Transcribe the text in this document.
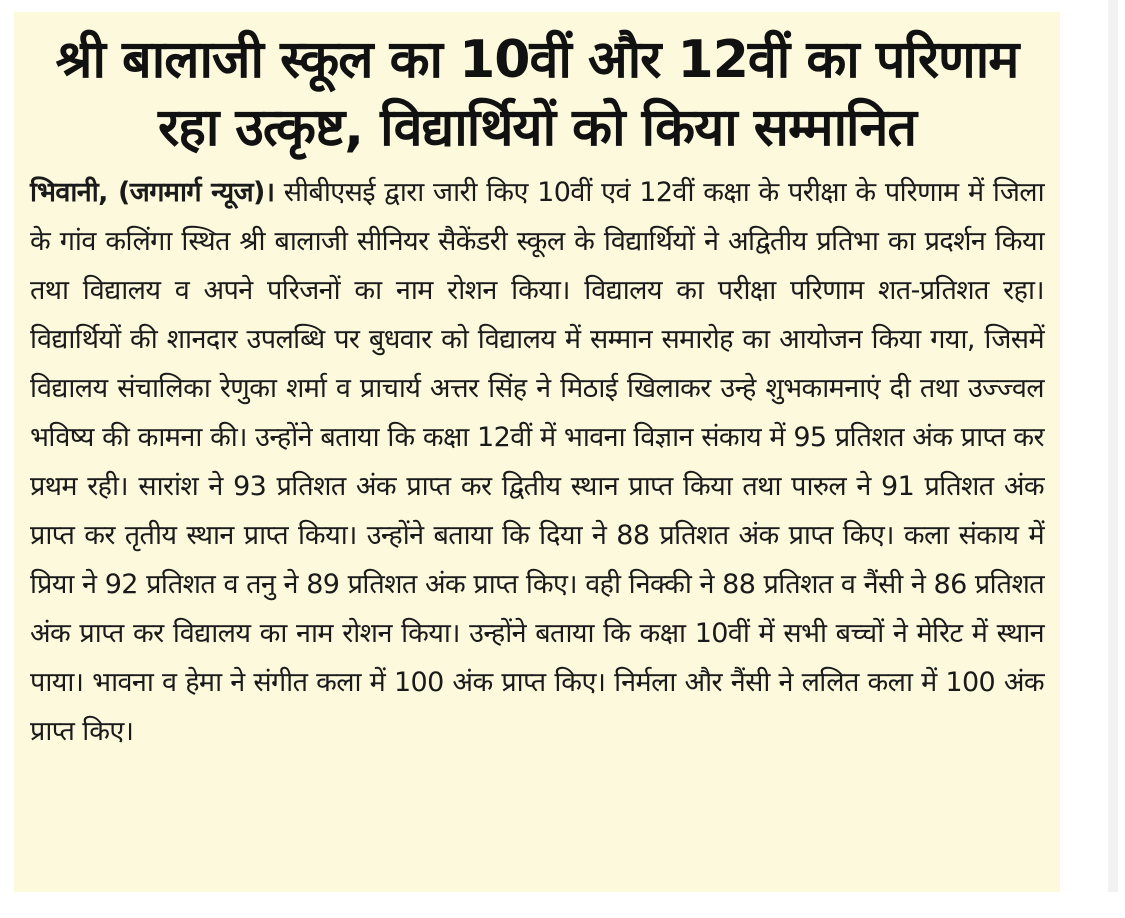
श्री बालाजी स्कूल का 10वीं और 12वीं का परिणाम रहा उत्कृष्ट, विद्यार्थियों को किया सम्मानित

भिवानी, (जगमार्ग न्यूज)। सीबीएसई द्वारा जारी किए 10वीं एवं 12वीं कक्षा के परीक्षा के परिणाम में जिला के गांव कलिंगा स्थित श्री बालाजी सीनियर सैकेंडरी स्कूल के विद्यार्थियों ने अद्वितीय प्रतिभा का प्रदर्शन किया तथा विद्यालय व अपने परिजनों का नाम रोशन किया। विद्यालय का परीक्षा परिणाम शत-प्रतिशत रहा। विद्यार्थियों की शानदार उपलब्धि पर बुधवार को विद्यालय में सम्मान समारोह का आयोजन किया गया, जिसमें विद्यालय संचालिका रेणुका शर्मा व प्राचार्य अत्तर सिंह ने मिठाई खिलाकर उन्हे शुभकामनाएं दी तथा उज्ज्वल भविष्य की कामना की। उन्होंने बताया कि कक्षा 12वीं में भावना विज्ञान संकाय में 95 प्रतिशत अंक प्राप्त कर प्रथम रही। सारांश ने 93 प्रतिशत अंक प्राप्त कर द्वितीय स्थान प्राप्त किया तथा पारुल ने 91 प्रतिशत अंक प्राप्त कर तृतीय स्थान प्राप्त किया। उन्होंने बताया कि दिया ने 88 प्रतिशत अंक प्राप्त किए। कला संकाय में प्रिया ने 92 प्रतिशत व तनु ने 89 प्रतिशत अंक प्राप्त किए। वही निक्की ने 88 प्रतिशत व नैंसी ने 86 प्रतिशत अंक प्राप्त कर विद्यालय का नाम रोशन किया। उन्होंने बताया कि कक्षा 10वीं में सभी बच्चों ने मेरिट में स्थान पाया। भावना व हेमा ने संगीत कला में 100 अंक प्राप्त किए। निर्मला और नैंसी ने ललित कला में 100 अंक प्राप्त किए।
